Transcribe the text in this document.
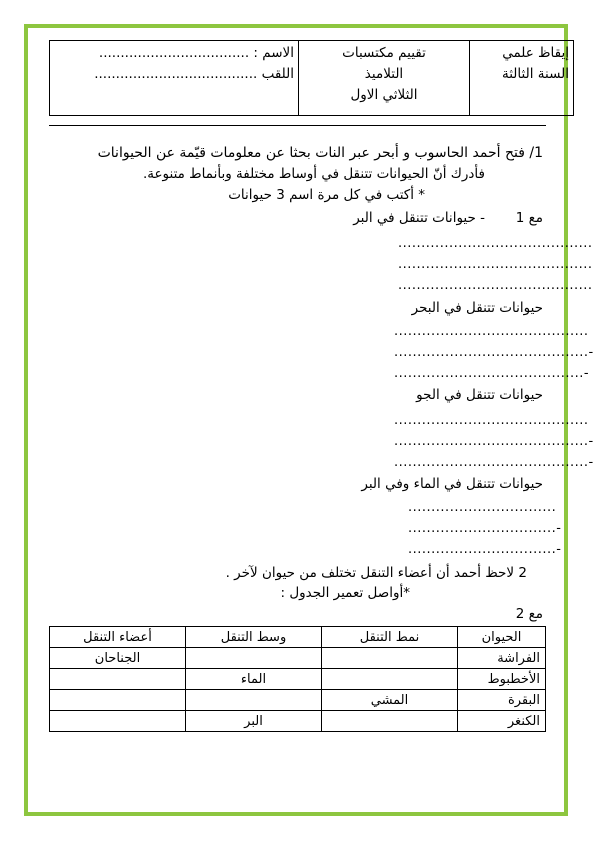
إيقاظ علمي
السنة الثالثة

تقييم مكتسبات
التلاميذ
الثلاثي الاول

الاسم : ...................................
اللقب ......................................
1/ فتح أحمد الحاسوب و أبحر عبر النات بحثا عن معلومات قيّمة عن الحيوانات
فأدرك أنّ الحيوانات تتنقل في أوساط مختلفة وبأنماط متنوعة.
* أكتب في كل مرة اسم 3 حيوانات
مع 1
- حيوانات تتنقل في البر
..........................................
..........................................
..........................................
حيوانات تتنقل في البحر
..........................................
..........................................-
.........................................-
حيوانات تتنقل في الجو
..........................................
..........................................-
..........................................-
حيوانات تتنقل في الماء وفي البر
................................
................................-
................................-
2 لاحظ أحمد أن أعضاء التنقل تختلف من حيوان لآخر .
*أواصل تعمير الجدول :
مع 2
الحيوان	نمط التنقل	وسط التنقل	أعضاء التنقل
الفراشة			الجناحان
الأخطبوط		الماء	
البقرة	المشي		
الكنغر		البر	
